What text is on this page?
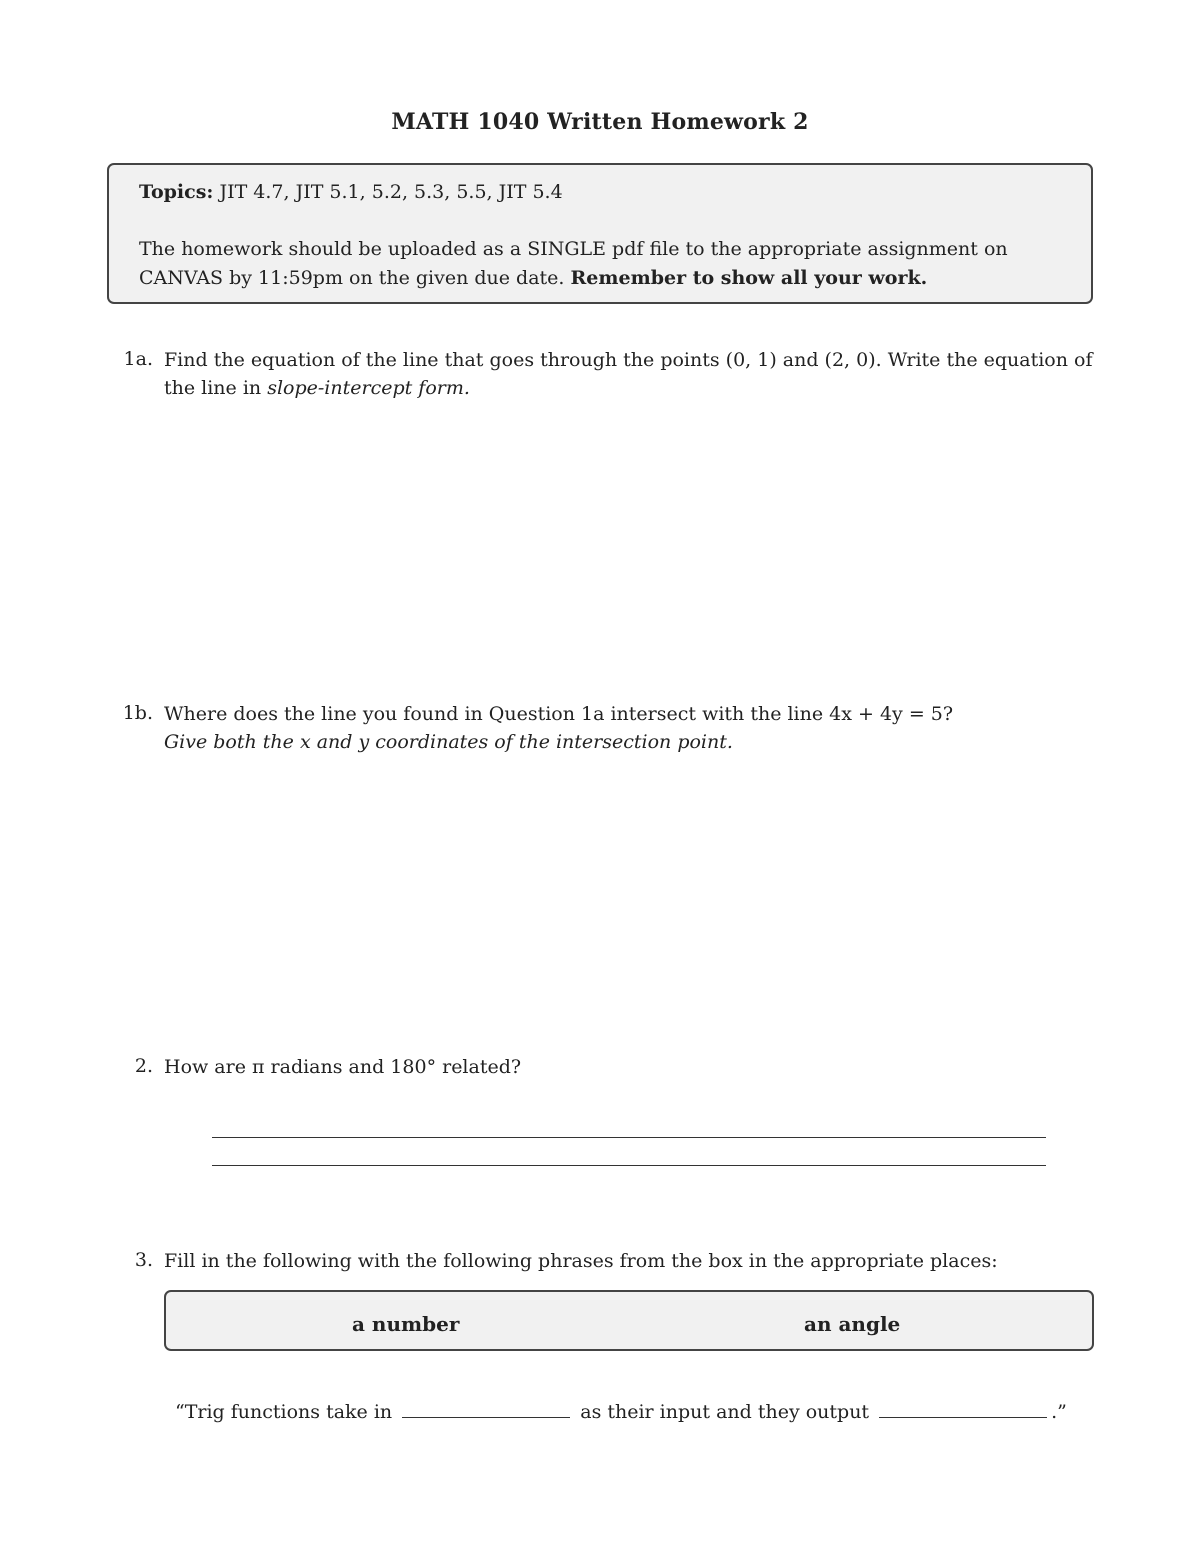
MATH 1040 Written Homework 2
Topics: JIT 4.7, JIT 5.1, 5.2, 5.3, 5.5, JIT 5.4
The homework should be uploaded as a SINGLE pdf file to the appropriate assignment on CANVAS by 11:59pm on the given due date. Remember to show all your work.
1a. Find the equation of the line that goes through the points (0, 1) and (2, 0). Write the equation of the line in slope-intercept form.
1b. Where does the line you found in Question 1a intersect with the line 4x + 4y = 5?
Give both the x and y coordinates of the intersection point.
2. How are π radians and 180° related?
3. Fill in the following with the following phrases from the box in the appropriate places:
a number	an angle
“Trig functions take in	as their input and they output	.”
